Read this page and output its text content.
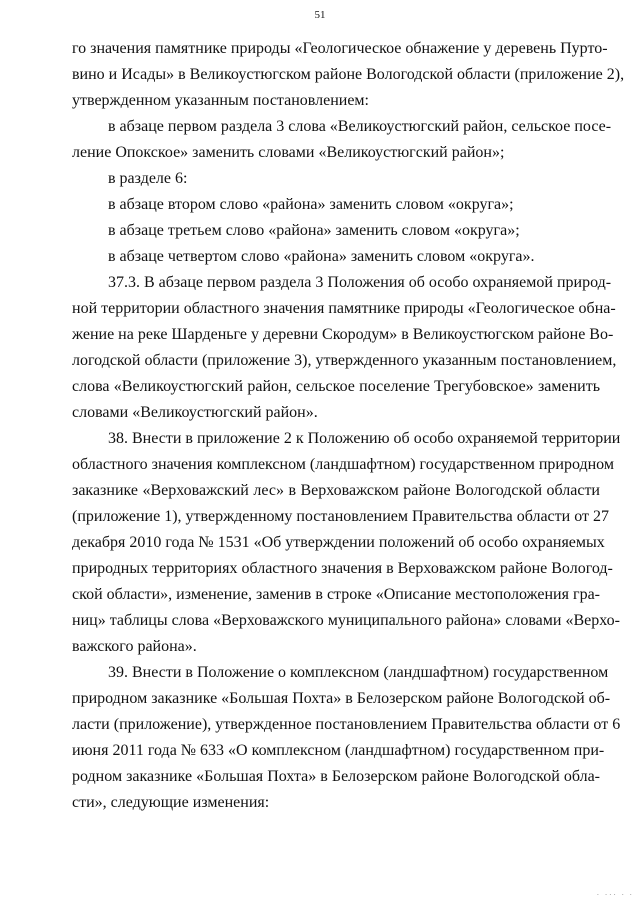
51

го значения памятнике природы «Геологическое обнажение у деревень Пурто-
вино и Исады» в Великоустюгском районе Вологодской области (приложение 2),
утвержденном указанным постановлением:

в абзаце первом раздела 3 слова «Великоустюгский район, сельское посе-
ление Опокское» заменить словами «Великоустюгский район»;

в разделе 6:

в абзаце втором слово «района» заменить словом «округа»;

в абзаце третьем слово «района» заменить словом «округа»;

в абзаце четвертом слово «района» заменить словом «округа».

37.3. В абзаце первом раздела 3 Положения об особо охраняемой природ-
ной территории областного значения памятнике природы «Геологическое обна-
жение на реке Шарденьге у деревни Скородум» в Великоустюгском районе Во-
логодской области (приложение 3), утвержденного указанным постановлением,
слова «Великоустюгский район, сельское поселение Трегубовское» заменить
словами «Великоустюгский район».

38. Внести в приложение 2 к Положению об особо охраняемой территории
областного значения комплексном (ландшафтном) государственном природном
заказнике «Верховажский лес» в Верховажском районе Вологодской области
(приложение 1), утвержденному постановлением Правительства области от 27
декабря 2010 года № 1531 «Об утверждении положений об особо охраняемых
природных территориях областного значения в Верховажском районе Вологод-
ской области», изменение, заменив в строке «Описание местоположения гра-
ниц» таблицы слова «Верховажского муниципального района» словами «Верхо-
важского района».

39. Внести в Положение о комплексном (ландшафтном) государственном
природном заказнике «Большая Похта» в Белозерском районе Вологодской об-
ласти (приложение), утвержденное постановлением Правительства области от 6
июня 2011 года № 633 «О комплексном (ландшафтном) государственном при-
родном заказнике «Большая Похта» в Белозерском районе Вологодской обла-
сти», следующие изменения:

· ··· · ·
